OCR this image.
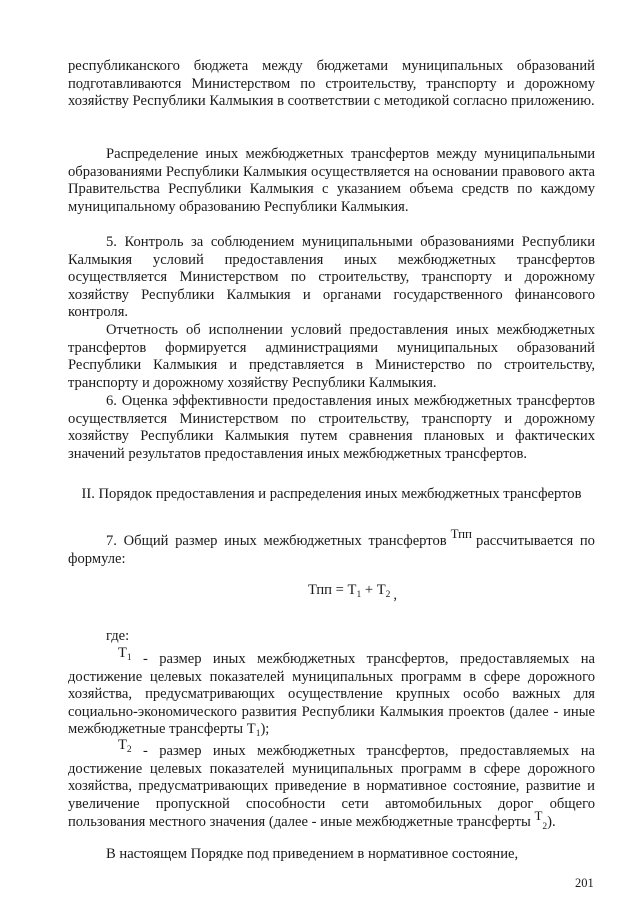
республиканского бюджета между бюджетами муниципальных образований подготавливаются Министерством по строительству, транспорту и дорожному хозяйству Республики Калмыкия в соответствии с методикой согласно приложению.

Распределение иных межбюджетных трансфертов между муниципальными образованиями Республики Калмыкия осуществляется на основании правового акта Правительства Республики Калмыкия с указанием объема средств по каждому муниципальному образованию Республики Калмыкия.

5. Контроль за соблюдением муниципальными образованиями Республики Калмыкия условий предоставления иных межбюджетных трансфертов осуществляется Министерством по строительству, транспорту и дорожному хозяйству Республики Калмыкия и органами государственного финансового контроля.

Отчетность об исполнении условий предоставления иных межбюджетных трансфертов формируется администрациями муниципальных образований Республики Калмыкия и представляется в Министерство по строительству, транспорту и дорожному хозяйству Республики Калмыкия.

6. Оценка эффективности предоставления иных межбюджетных трансфертов осуществляется Министерством по строительству, транспорту и дорожному хозяйству Республики Калмыкия путем сравнения плановых и фактических значений результатов предоставления иных межбюджетных трансфертов.

II. Порядок предоставления и распределения иных межбюджетных трансфертов

7. Общий размер иных межбюджетных трансфертов Тпп рассчитывается по формуле:

Тпп = $Т_1 + Т_2$ ,
где:
$Т_1$ - размер иных межбюджетных трансфертов, предоставляемых на достижение целевых показателей муниципальных программ в сфере дорожного хозяйства, предусматривающих осуществление крупных особо важных для социально-экономического развития Республики Калмыкия проектов (далее - иные межбюджетные трансферты $Т_1$);

$Т_2$ - размер иных межбюджетных трансфертов, предоставляемых на достижение целевых показателей муниципальных программ в сфере дорожного хозяйства, предусматривающих приведение в нормативное состояние, развитие и увеличение пропускной способности сети автомобильных дорог общего пользования местного значения (далее - иные межбюджетные трансферты $Т_2$).

В настоящем Порядке под приведением в нормативное состояние,

201
